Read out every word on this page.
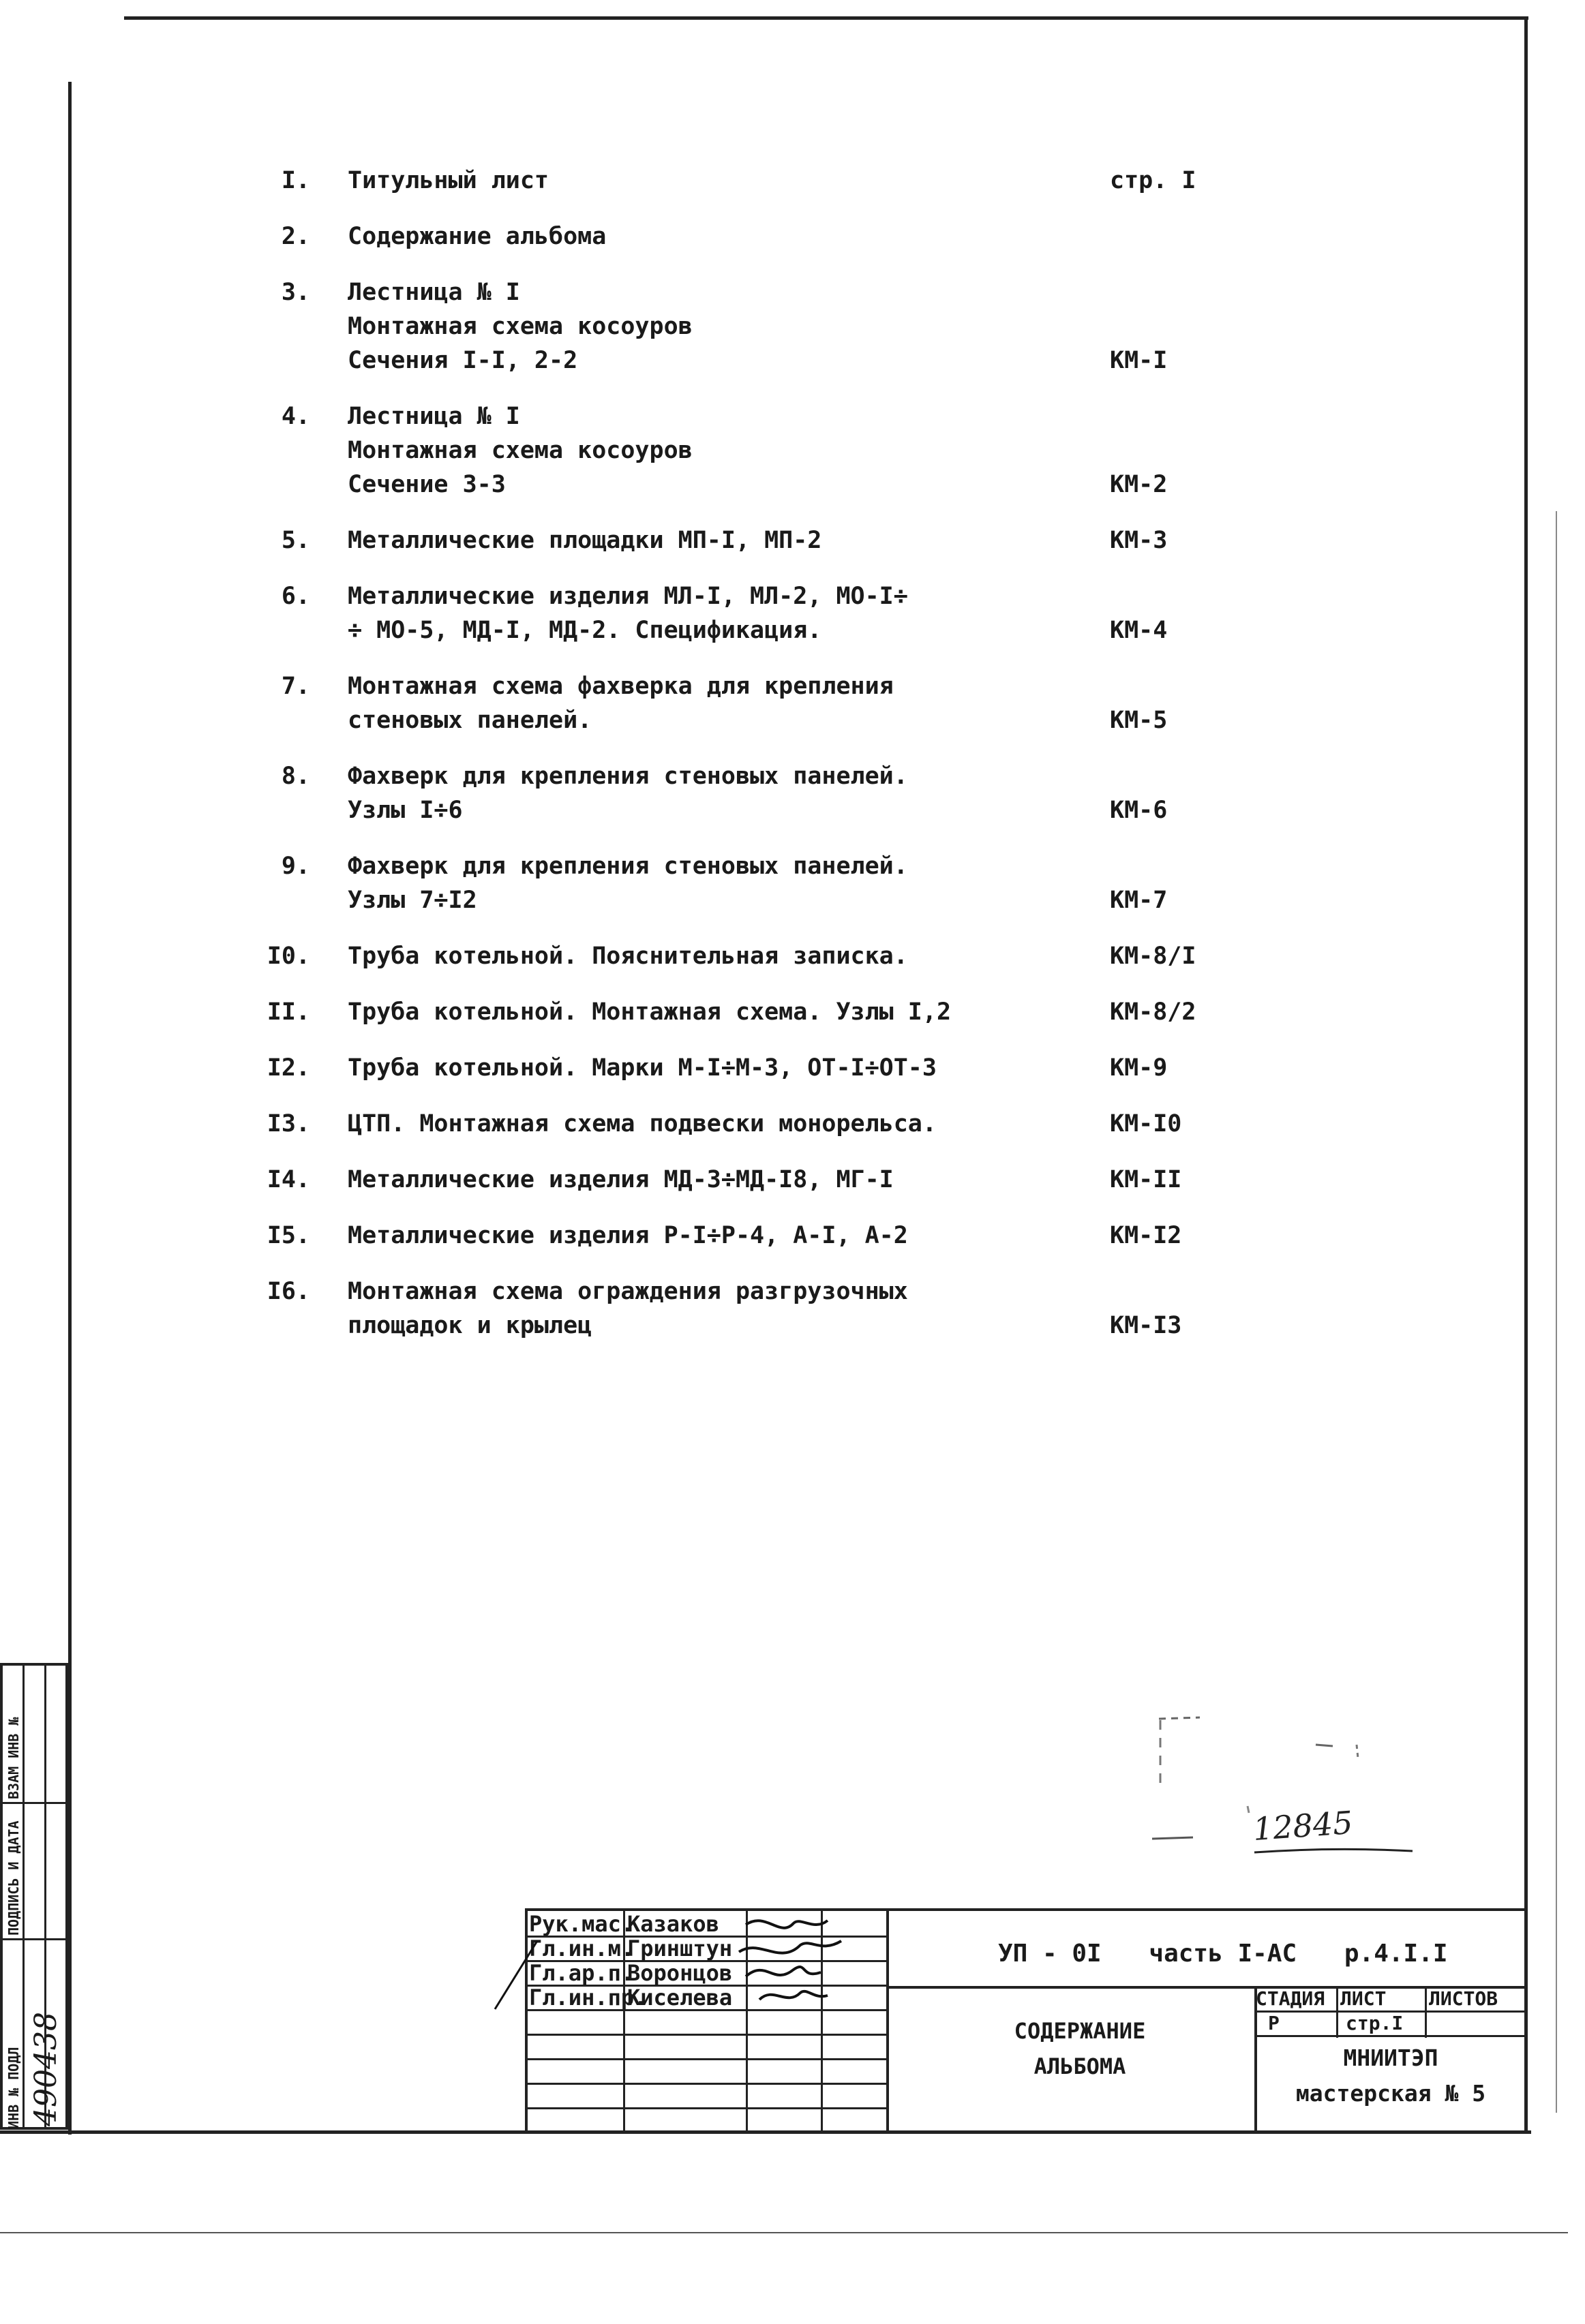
I. Титульный лист	стр. I
2. Содержание альбома
3. Лестница № I
Монтажная схема косоуров
Сечения I-I, 2-2	КМ-I
4. Лестница № I
Монтажная схема косоуров
Сечение 3-3	КМ-2
5. Металлические площадки МП-I, МП-2	КМ-3
6. Металлические изделия МЛ-I, МЛ-2, МО-I÷
÷ МО-5, МД-I, МД-2. Спецификация.	КМ-4
7. Монтажная схема фахверка для крепления
стеновых панелей.	КМ-5
8. Фахверк для крепления стеновых панелей.
Узлы I÷6	КМ-6
9. Фахверк для крепления стеновых панелей.
Узлы 7÷I2	КМ-7
I0. Труба котельной. Пояснительная записка.	КМ-8/I
II. Труба котельной. Монтажная схема. Узлы I,2	КМ-8/2
I2. Труба котельной. Марки М-I÷М-3, ОТ-I÷ОТ-3	КМ-9
I3. ЦТП. Монтажная схема подвески монорельса.	КМ-I0
I4. Металлические изделия МД-3÷МД-I8, МГ-I	КМ-II
I5. Металлические изделия Р-I÷Р-4, А-I, А-2	КМ-I2
I6. Монтажная схема ограждения разгрузочных
площадок и крылец	КМ-I3
12845
ИНВ № ПОДЛ
ПОДПИСЬ И ДАТА
ВЗАМ ИНВ №
490438
Рук.мас.
Казаков
Гл.ин.м.
Гринштун
Гл.ар.п.
Воронцов
Гл.ин.пр.
Киселева
УП - 0I часть I-АС р.4.I.I
СОДЕРЖАНИЕ
АЛЬБОМА
СТАДИЯ ЛИСТ ЛИСТОВ
Р	стр.I
МНИИТЭП
мастерская № 5
